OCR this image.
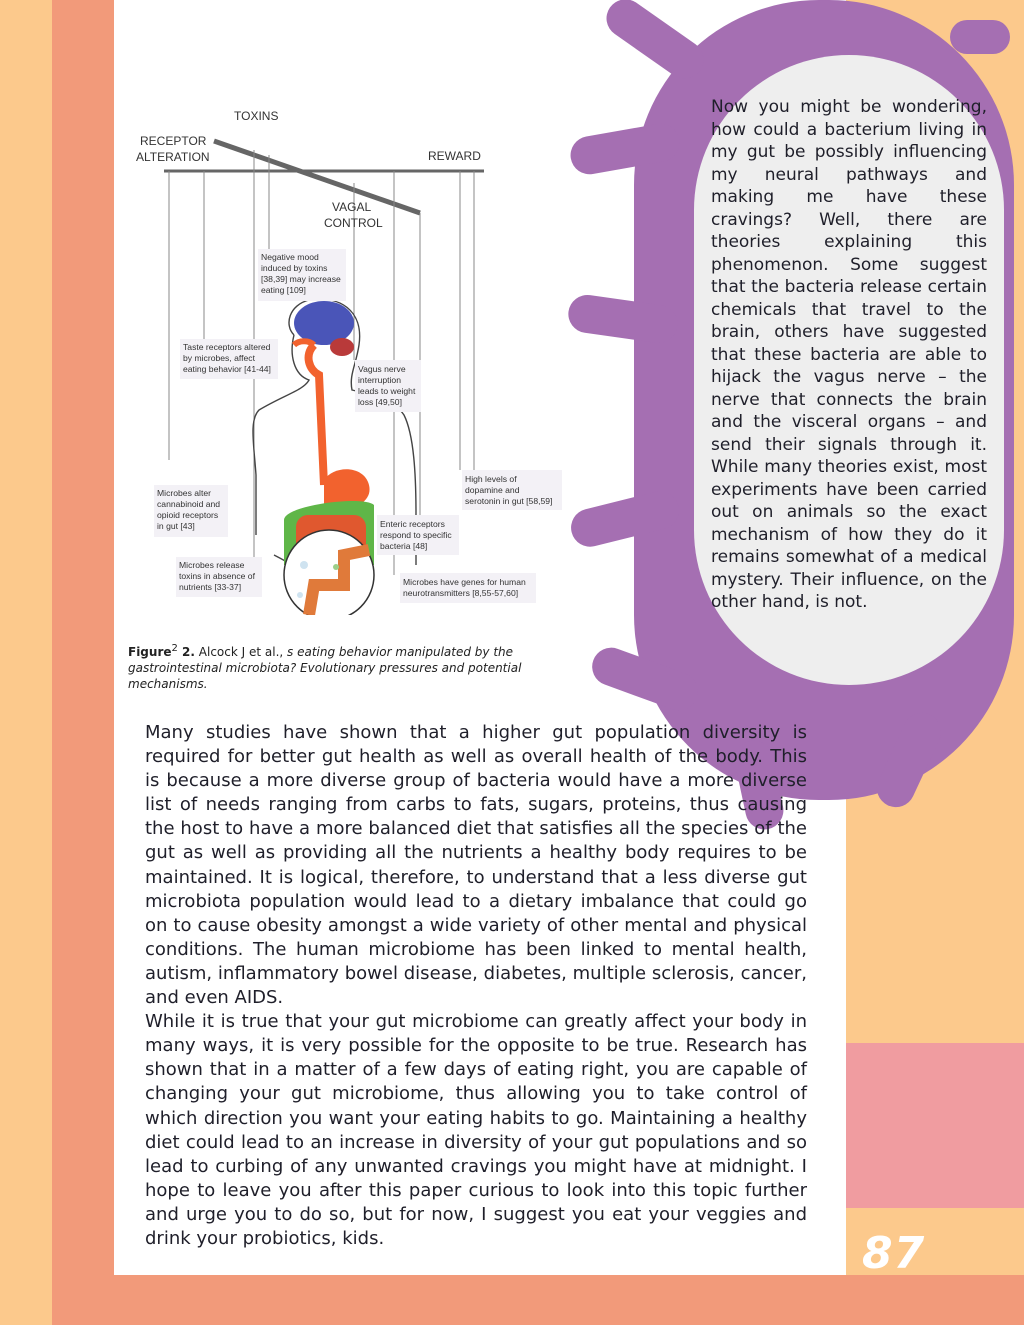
Now you might be wondering, how could a bacterium living in my gut be possibly influencing my neural pathways and making me have these cravings? Well, there are theories explaining this phenomenon. Some suggest that the bacteria release certain chemicals that travel to the brain, others have suggested that these bacteria are able to hijack the vagus nerve – the nerve that connects the brain and the visceral organs – and send their signals through it. While many theories exist, most experiments have been carried out on animals so the exact mechanism of how they do it remains somewhat of a medical mystery. Their influence, on the other hand, is not.

TOXINS
RECEPTOR
ALTERATION	REWARD
VAGAL
CONTROL
Negative mood
induced by toxins
[38,39] may increase
eating [109]
Taste receptors altered
by microbes, affect
eating behavior [41-44]	Vagus nerve
interruption
leads to weight
loss [49,50]
High levels of
dopamine and
serotonin in gut [58,59]
Microbes alter
cannabinoid and
opioid receptors
in gut [43]	Enteric receptors
respond to specific
bacteria [48]
Microbes release
toxins in absence of
nutrients [33-37]	Microbes have genes for human
neurotransmitters [8,55-57,60]

Figure$^2$ 2. Alcock J et al., s eating behavior manipulated by the gastrointestinal microbiota? Evolutionary pressures and potential mechanisms.

Many studies have shown that a higher gut population diversity is required for better gut health as well as overall health of the body. This is because a more diverse group of bacteria would have a more diverse list of needs ranging from carbs to fats, sugars, proteins, thus causing the host to have a more balanced diet that satisfies all the species of the gut as well as providing all the nutrients a healthy body requires to be maintained. It is logical, therefore, to understand that a less diverse gut microbiota population would lead to a dietary imbalance that could go on to cause obesity amongst a wide variety of other mental and physical conditions. The human microbiome has been linked to mental health, autism, inflammatory bowel disease, diabetes, multiple sclerosis, cancer, and even AIDS.

While it is true that your gut microbiome can greatly affect your body in many ways, it is very possible for the opposite to be true. Research has shown that in a matter of a few days of eating right, you are capable of changing your gut microbiome, thus allowing you to take control of which direction you want your eating habits to go. Maintaining a healthy diet could lead to an increase in diversity of your gut populations and so lead to curbing of any unwanted cravings you might have at midnight. I hope to leave you after this paper curious to look into this topic further and urge you to do so, but for now, I suggest you eat your veggies and drink your probiotics, kids.	87
